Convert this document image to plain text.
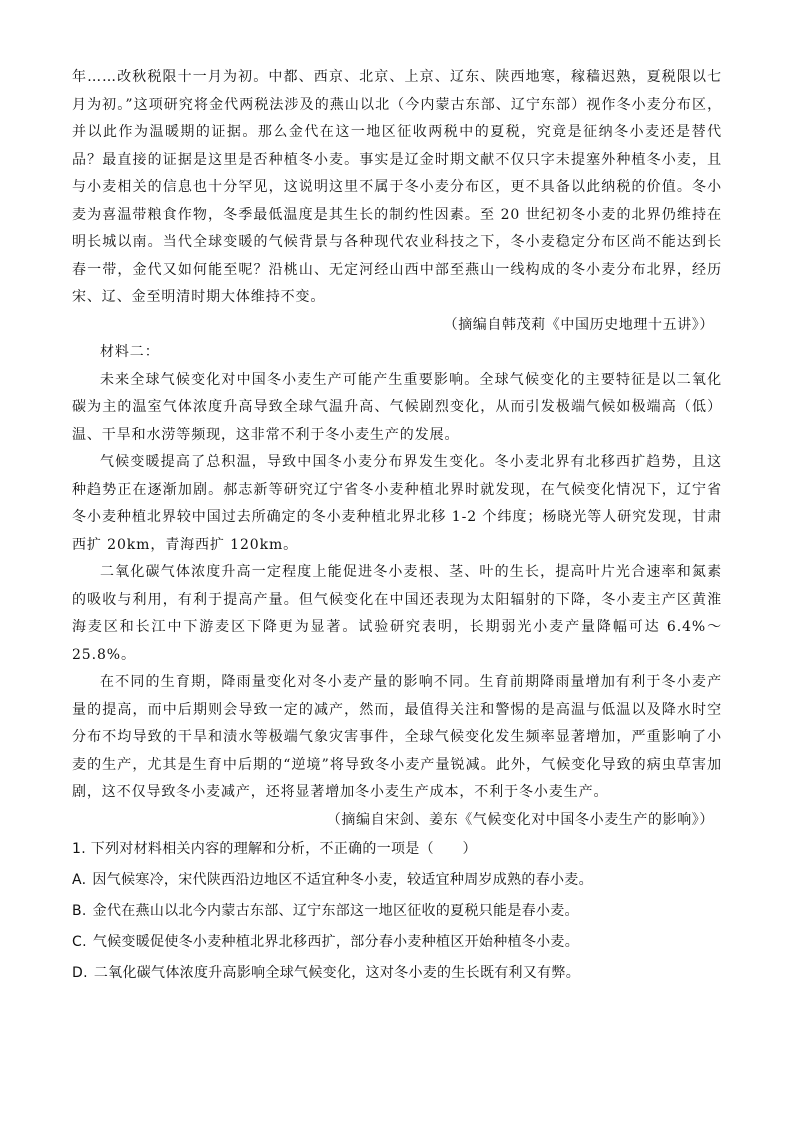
年……改秋税限十一月为初。中都、西京、北京、上京、辽东、陕西地寒，稼穑迟熟，夏税限以七月为初。”这项研究将金代两税法涉及的燕山以北（今内蒙古东部、辽宁东部）视作冬小麦分布区，并以此作为温暖期的证据。那么金代在这一地区征收两税中的夏税，究竟是征纳冬小麦还是替代品？最直接的证据是这里是否种植冬小麦。事实是辽金时期文献不仅只字未提塞外种植冬小麦，且与小麦相关的信息也十分罕见，这说明这里不属于冬小麦分布区，更不具备以此纳税的价值。冬小麦为喜温带粮食作物，冬季最低温度是其生长的制约性因素。至 20 世纪初冬小麦的北界仍维持在明长城以南。当代全球变暖的气候背景与各种现代农业科技之下，冬小麦稳定分布区尚不能达到长春一带，金代又如何能至呢？沿桃山、无定河经山西中部至燕山一线构成的冬小麦分布北界，经历宋、辽、金至明清时期大体维持不变。

（摘编自韩茂莉《中国历史地理十五讲》）

材料二：

未来全球气候变化对中国冬小麦生产可能产生重要影响。全球气候变化的主要特征是以二氧化碳为主的温室气体浓度升高导致全球气温升高、气候剧烈变化，从而引发极端气候如极端高（低）温、干旱和水涝等频现，这非常不利于冬小麦生产的发展。

气候变暖提高了总积温，导致中国冬小麦分布界发生变化。冬小麦北界有北移西扩趋势，且这种趋势正在逐渐加剧。郝志新等研究辽宁省冬小麦种植北界时就发现，在气候变化情况下，辽宁省冬小麦种植北界较中国过去所确定的冬小麦种植北界北移 1-2 个纬度；杨晓光等人研究发现，甘肃西扩 20km，青海西扩 120km。

二氧化碳气体浓度升高一定程度上能促进冬小麦根、茎、叶的生长，提高叶片光合速率和氮素的吸收与利用，有利于提高产量。但气候变化在中国还表现为太阳辐射的下降，冬小麦主产区黄淮海麦区和长江中下游麦区下降更为显著。试验研究表明，长期弱光小麦产量降幅可达 6.4%～25.8%。

在不同的生育期，降雨量变化对冬小麦产量的影响不同。生育前期降雨量增加有利于冬小麦产量的提高，而中后期则会导致一定的减产，然而，最值得关注和警惕的是高温与低温以及降水时空分布不均导致的干旱和渍水等极端气象灾害事件，全球气候变化发生频率显著增加，严重影响了小麦的生产，尤其是生育中后期的“逆境”将导致冬小麦产量锐减。此外，气候变化导致的病虫草害加剧，这不仅导致冬小麦减产，还将显著增加冬小麦生产成本，不利于冬小麦生产。

（摘编自宋剑、姜东《气候变化对中国冬小麦生产的影响》）

1. 下列对材料相关内容的理解和分析，不正确的一项是（　　）

A. 因气候寒冷，宋代陕西沿边地区不适宜种冬小麦，较适宜种周岁成熟的春小麦。

B. 金代在燕山以北今内蒙古东部、辽宁东部这一地区征收的夏税只能是春小麦。

C. 气候变暖促使冬小麦种植北界北移西扩，部分春小麦种植区开始种植冬小麦。

D. 二氧化碳气体浓度升高影响全球气候变化，这对冬小麦的生长既有利又有弊。
